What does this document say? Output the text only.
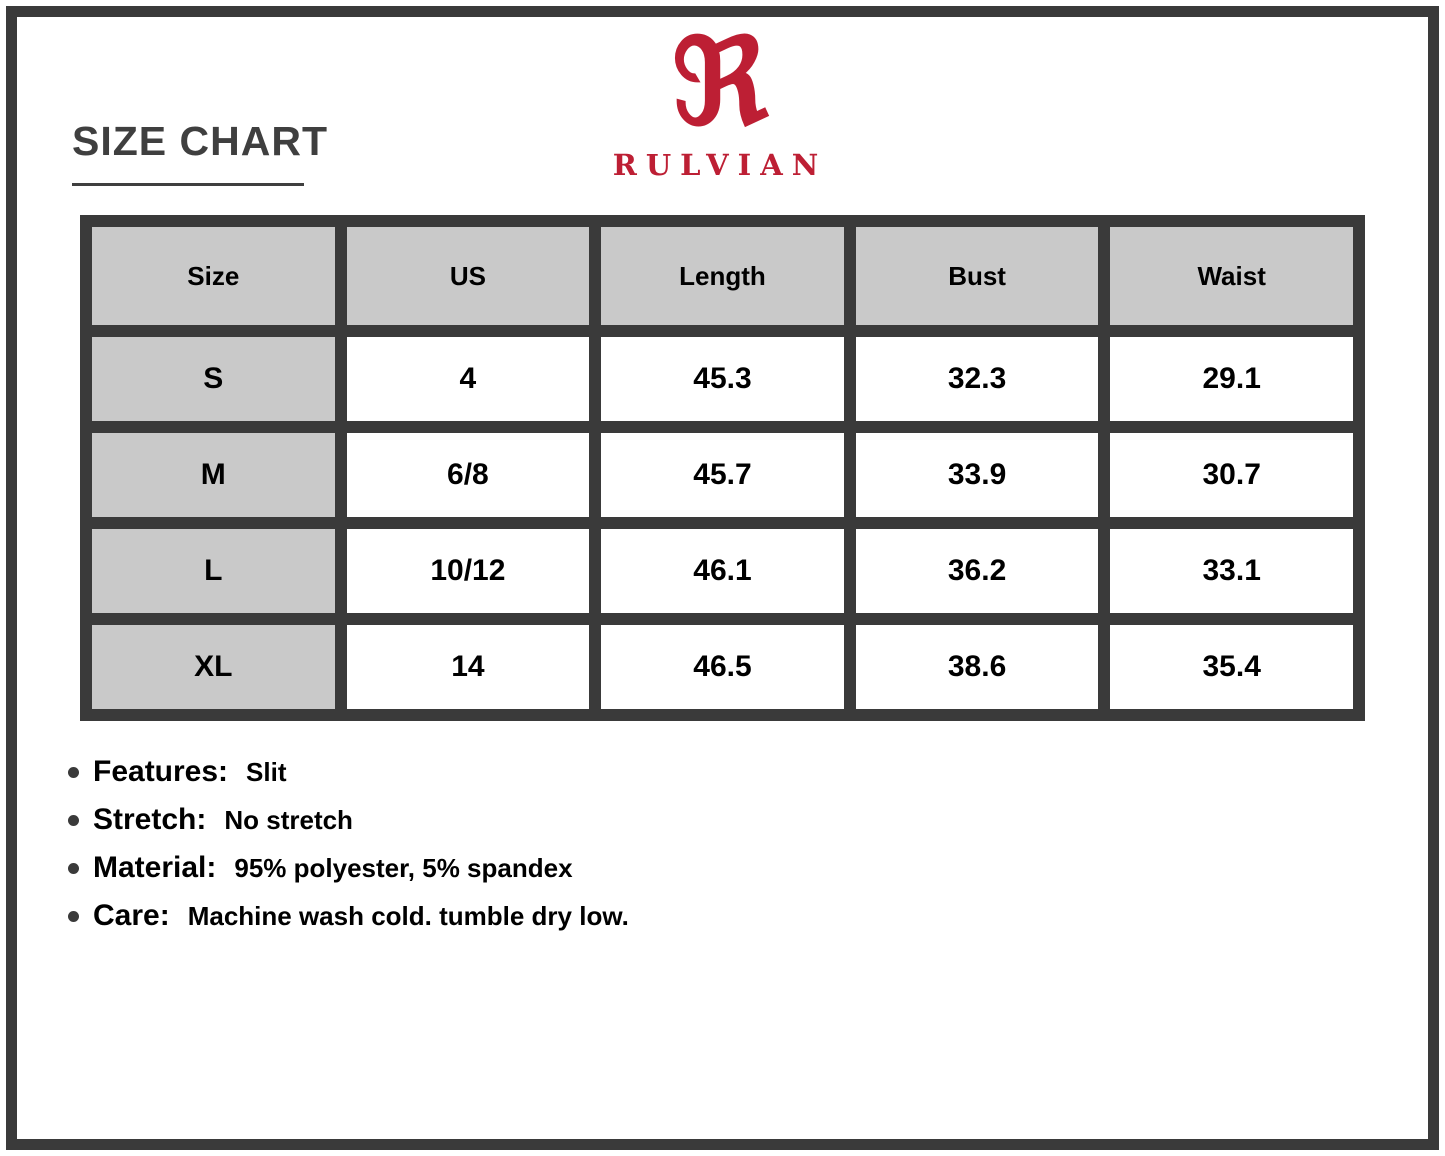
SIZE CHART	ℜ
RULVIAN
Size	US	Length	Bust	Waist
S	4	45.3	32.3	29.1
M	6/8	45.7	33.9	30.7
L	10/12	46.1	36.2	33.1
XL	14	46.5	38.6	35.4
Features: Slit
Stretch: No stretch
Material: 95% polyester, 5% spandex
Care: Machine wash cold. tumble dry low.
